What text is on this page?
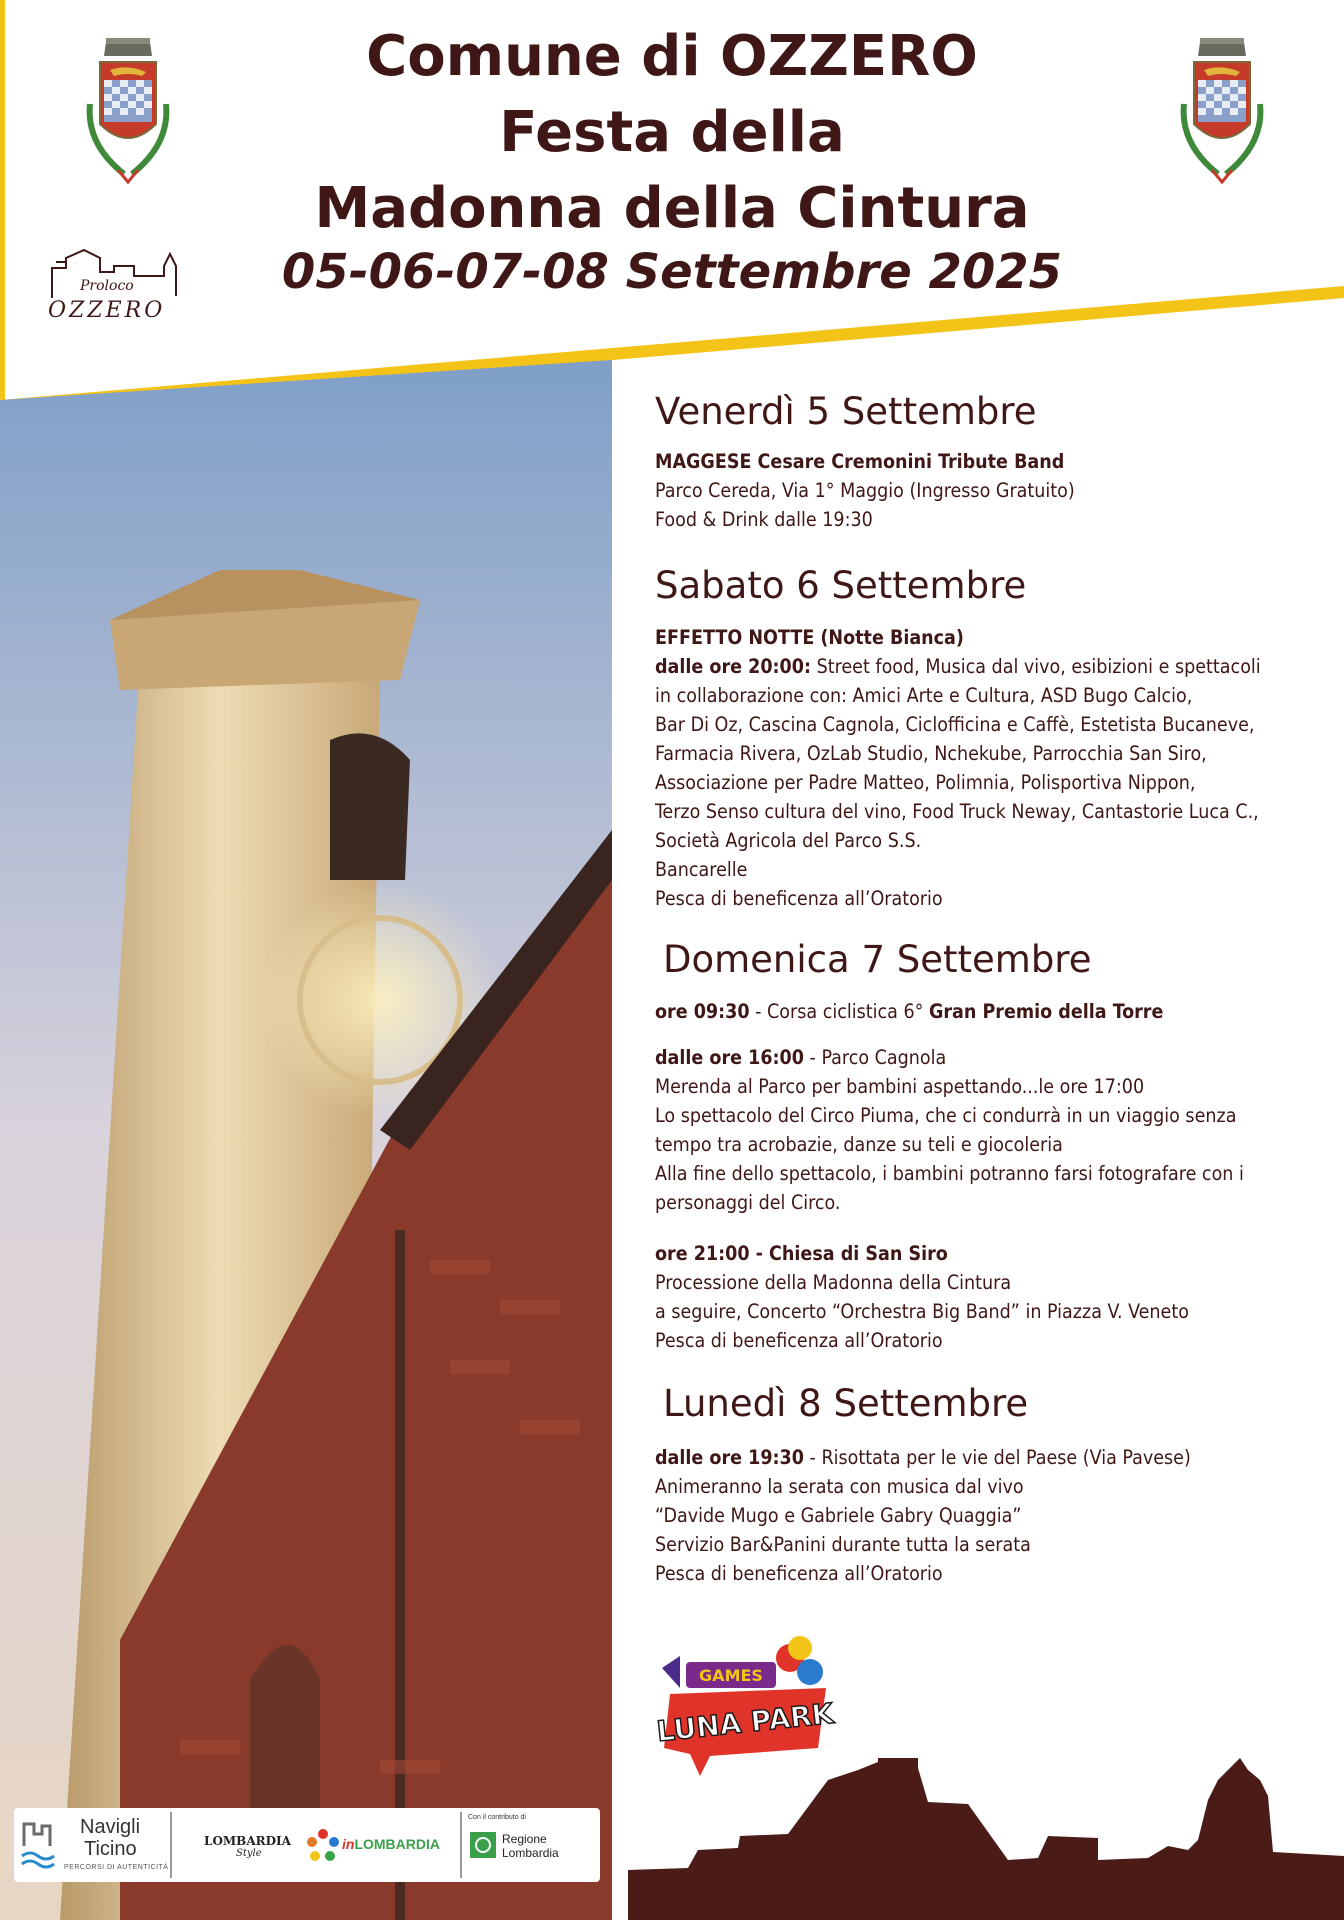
Comune di OZZERO
Festa della
Madonna della Cintura
05-06-07-08 Settembre 2025
Proloco
OZZERO
Venerdì 5 Settembre
MAGGESE Cesare Cremonini Tribute Band
Parco Cereda, Via 1° Maggio (Ingresso Gratuito)
Food & Drink dalle 19:30
Sabato 6 Settembre
EFFETTO NOTTE (Notte Bianca)
dalle ore 20:00: Street food, Musica dal vivo, esibizioni e spettacoli
in collaborazione con: Amici Arte e Cultura, ASD Bugo Calcio,
Bar Di Oz, Cascina Cagnola, Ciclofficina e Caffè, Estetista Bucaneve,
Farmacia Rivera, OzLab Studio, Nchekube, Parrocchia San Siro,
Associazione per Padre Matteo, Polimnia, Polisportiva Nippon,
Terzo Senso cultura del vino, Food Truck Neway, Cantastorie Luca C.,
Società Agricola del Parco S.S.
Bancarelle
Pesca di beneficenza all’Oratorio
Domenica 7 Settembre
ore 09:30 - Corsa ciclistica 6° Gran Premio della Torre
dalle ore 16:00 - Parco Cagnola
Merenda al Parco per bambini aspettando...le ore 17:00
Lo spettacolo del Circo Piuma, che ci condurrà in un viaggio senza
tempo tra acrobazie, danze su teli e giocoleria
Alla fine dello spettacolo, i bambini potranno farsi fotografare con i
personaggi del Circo.
ore 21:00 - Chiesa di San Siro
Processione della Madonna della Cintura
a seguire, Concerto “Orchestra Big Band” in Piazza V. Veneto
Pesca di beneficenza all’Oratorio
Lunedì 8 Settembre
dalle ore 19:30 - Risottata per le vie del Paese (Via Pavese)
Animeranno la serata con musica dal vivo
“Davide Mugo e Gabriele Gabry Quaggia”
Servizio Bar&Panini durante tutta la serata
Pesca di beneficenza all’Oratorio
GAMES
LUNA PARK
Navigli
Ticino
PERCORSI DI AUTENTICITÀ
LOMBARDIA
Style
inLOMBARDIA
Con il contributo di
Regione
Lombardia
